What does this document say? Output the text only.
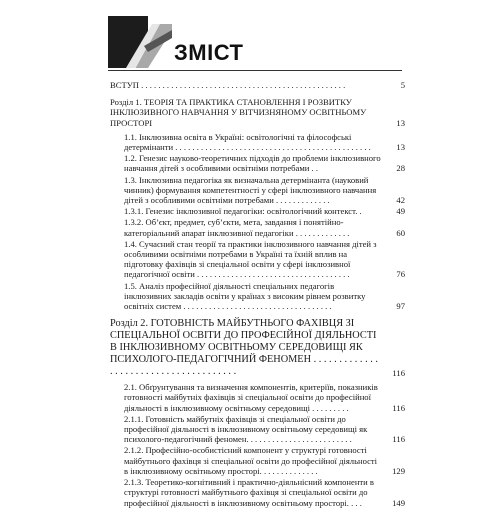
ЗМІСТ
ВСТУП . . . . . . . . . . . . . . . . . . . . . . . . . . . . . . . . . . . . . . . . . . . . . . . .	5
Розділ 1. ТЕОРІЯ ТА ПРАКТИКА СТАНОВЛЕННЯ І РОЗВИТКУ ІНКЛЮЗИВНОГО НАВЧАННЯ У ВІТЧИЗНЯНОМУ ОСВІТНЬОМУ ПРОСТОРІ	13
1.1. Інклюзивна освіта в Україні: освітологічні та філософські детермінанти . . . . . . . . . . . . . . . . . . . . . . . . . . . . . . . . . . . . . . . . . . . . . .	13
1.2. Генезис науково-теоретичних підходів до проблеми інклюзивного навчання дітей з особливими освітніми потребами . .	28
1.3. Інклюзивна педагогіка як визначальна детермінанта (науковий чинник) формування компетентності у сфері інклюзивного навчання дітей з особливими освітніми потребами . . . . . . . . . . . . .	42
1.3.1. Генезис інклюзивної педагогіки: освітологічний контекст. .	49
1.3.2. Об’єкт, предмет, суб’єкти, мета, завдання і понятійно-категоріальний апарат інклюзивної педагогіки . . . . . . . . . . . . .	60
1.4. Сучасний стан теорії та практики інклюзивного навчання дітей з особливими освітніми потребами в Україні та їхній вплив на підготовку фахівців зі спеціальної освіти у сфері інклюзивної педагогічної освіти . . . . . . . . . . . . . . . . . . . . . . . . . . . . . . . . . . . .	76
1.5. Аналіз професійної діяльності спеціальних педагогів інклюзивних закладів освіти у країнах з високим рівнем розвитку освітніх систем . . . . . . . . . . . . . . . . . . . . . . . . . . . . . . . . . . .	97
Розділ 2. ГОТОВНІСТЬ МАЙБУТНЬОГО ФАХІВЦЯ ЗІ СПЕЦІАЛЬНОЇ ОСВІТИ ДО ПРОФЕСІЙНОЇ ДІЯЛЬНОСТІ В ІНКЛЮЗИВНОМУ ОСВІТНЬОМУ СЕРЕДОВИЩІ ЯК ПСИХОЛОГО-ПЕДАГОГІЧНИЙ ФЕНОМЕН . . . . . . . . . . . . . . . . . . . . . . . . . . . . . . . . . . . . . .	116
2.1. Обґрунтування та визначення компонентів, критеріїв, показників готовності майбутніх фахівців зі спеціальної освіти до професійної діяльності в інклюзивному освітньому середовищі . . . . . . . . .	116
2.1.1. Готовність майбутніх фахівців зі спеціальної освіти до професійної діяльності в інклюзивному освітньому середовищі як психолого-педагогічний феномен. . . . . . . . . . . . . . . . . . . . . . . . .	116
2.1.2. Професійно-особистісний компонент у структурі готовності майбутнього фахівця зі спеціальної освіти до професійної діяльності в інклюзивному освітньому просторі. . . . . . . . . . . . . .	129
2.1.3. Теоретико-когнітивний і практично-діяльнісний компоненти в структурі готовності майбутнього фахівця зі спеціальної освіти до професійної діяльності в інклюзивному освітньому просторі. . . .	149
